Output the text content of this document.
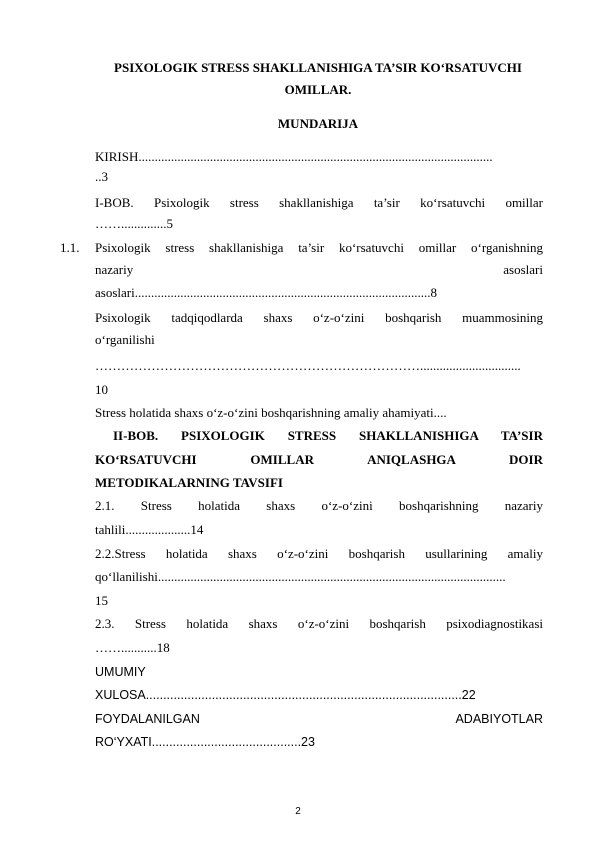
PSIXOLOGIK STRESS SHAKLLANISHIGA TA’SIR KO‘RSATUVCHI
OMILLAR.
MUNDARIJA
KIRISH.............................................................................................................
..3
I-BOB. Psixologik stress shakllanishiga ta’sir ko‘rsatuvchi omillar
……..............5
1.1. Psixologik stress shakllanishiga ta’sir ko‘rsatuvchi omillar o‘rganishning
nazariy asoslari
asoslari...........................................................................................8
Psixologik tadqiqodlarda shaxs o‘z-o‘zini boshqarish muammosining
o‘rganilishi
…………………………………………………………………...............................
10
Stress holatida shaxs o‘z-o‘zini boshqarishning amaliy ahamiyati....
II-BOB. PSIXOLOGIK STRESS SHAKLLANISHIGA TA’SIR
KO‘RSATUVCHI OMILLAR ANIQLASHGA DOIR
METODIKALARNING TAVSIFI
2.1. Stress holatida shaxs o‘z-o‘zini boshqarishning nazariy
tahlili....................14
2.2.Stress holatida shaxs o‘z-o‘zini boshqarish usullarining amaliy
qo‘llanilishi...........................................................................................................
15
2.3. Stress holatida shaxs o‘z-o‘zini boshqarish psixodiagnostikasi
……...........18
UMUMIY
XULOSA...........................................................................................22
FOYDALANILGAN ADABIYOTLAR
RO‘YXATI...........................................23
2
